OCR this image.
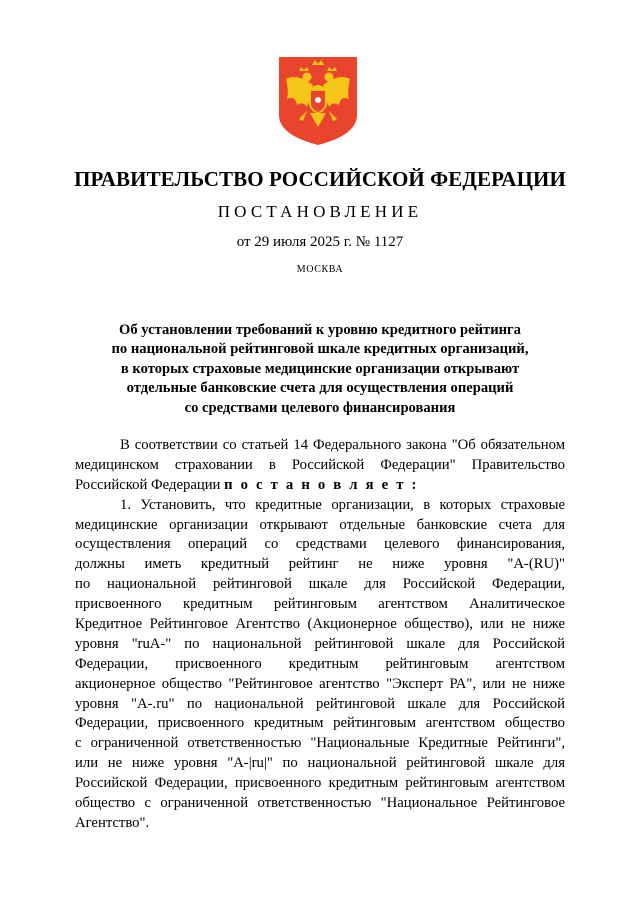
ПРАВИТЕЛЬСТВО РОССИЙСКОЙ ФЕДЕРАЦИИ
ПОСТАНОВЛЕНИЕ
от 29 июля 2025 г. № 1127
МОСКВА
Об установлении требований к уровню кредитного рейтинга
по национальной рейтинговой шкале кредитных организаций,
в которых страховые медицинские организации открывают
отдельные банковские счета для осуществления операций
со средствами целевого финансирования
В соответствии со статьей 14 Федерального закона "Об обязательном
медицинском страховании в Российской Федерации" Правительство
Российской Федерации п о с т а н о в л я е т :
1. Установить, что кредитные организации, в которых страховые
медицинские организации открывают отдельные банковские счета для
осуществления операций со средствами целевого финансирования,
должны иметь кредитный рейтинг не ниже уровня "A-(RU)"
по национальной рейтинговой шкале для Российской Федерации,
присвоенного кредитным рейтинговым агентством Аналитическое
Кредитное Рейтинговое Агентство (Акционерное общество), или не ниже
уровня "ruA-" по национальной рейтинговой шкале для Российской
Федерации, присвоенного кредитным рейтинговым агентством
акционерное общество "Рейтинговое агентство "Эксперт РА", или не ниже
уровня "A-.ru" по национальной рейтинговой шкале для Российской
Федерации, присвоенного кредитным рейтинговым агентством общество
с ограниченной ответственностью "Национальные Кредитные Рейтинги",
или не ниже уровня "A-|ru|" по национальной рейтинговой шкале для
Российской Федерации, присвоенного кредитным рейтинговым агентством
общество с ограниченной ответственностью "Национальное Рейтинговое
Агентство".
